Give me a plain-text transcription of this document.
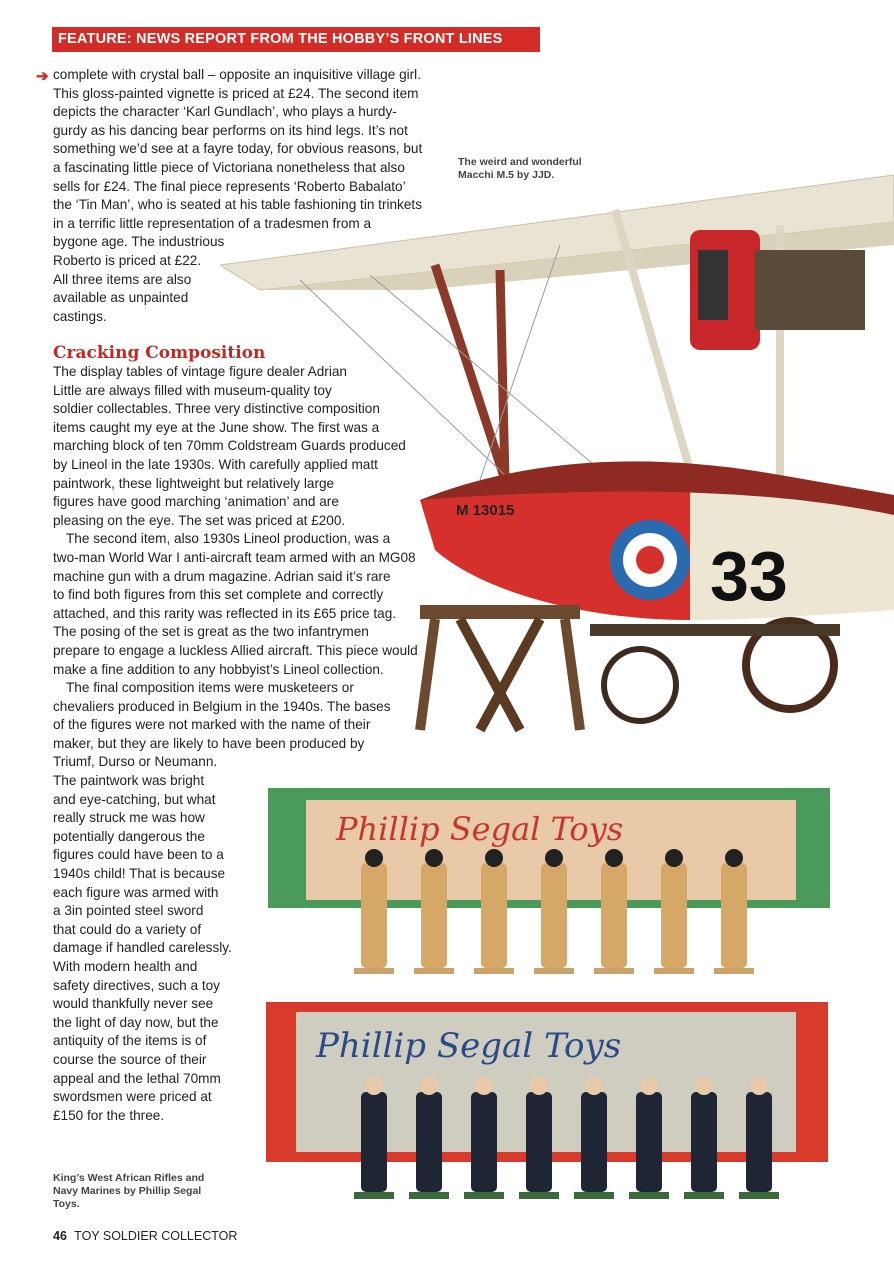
FEATURE: NEWS REPORT FROM THE HOBBY’S FRONT LINES
M 13015
33
The weird and wonderful Macchi M.5 by JJD.
Phillip Segal Toys
Phillip Segal Toys
King’s West African Rifles and Navy Marines by Phillip Segal Toys.
➔ complete with crystal ball – opposite an inquisitive village girl.

This gloss-painted vignette is priced at £24. The second item

depicts the character ‘Karl Gundlach’, who plays a hurdy-

gurdy as his dancing bear performs on its hind legs. It’s not

something we’d see at a fayre today, for obvious reasons, but

a fascinating little piece of Victoriana nonetheless that also

sells for £24. The final piece represents ‘Roberto Babalato’

the ‘Tin Man’, who is seated at his table fashioning tin trinkets

in a terrific little representation of a tradesmen from a

bygone age. The industrious

Roberto is priced at £22.

All three items are also

available as unpainted

castings.

Cracking Composition

The display tables of vintage figure dealer Adrian

Little are always filled with museum-quality toy

soldier collectables. Three very distinctive composition

items caught my eye at the June show. The first was a

marching block of ten 70mm Coldstream Guards produced

by Lineol in the late 1930s. With carefully applied matt

paintwork, these lightweight but relatively large

figures have good marching ‘animation’ and are

pleasing on the eye. The set was priced at £200.

The second item, also 1930s Lineol production, was a

two-man World War I anti-aircraft team armed with an MG08

machine gun with a drum magazine. Adrian said it’s rare

to find both figures from this set complete and correctly

attached, and this rarity was reflected in its £65 price tag.

The posing of the set is great as the two infantrymen

prepare to engage a luckless Allied aircraft. This piece would

make a fine addition to any hobbyist’s Lineol collection.

The final composition items were musketeers or

chevaliers produced in Belgium in the 1940s. The bases

of the figures were not marked with the name of their

maker, but they are likely to have been produced by

Triumf, Durso or Neumann.

The paintwork was bright

and eye-catching, but what

really struck me was how

potentially dangerous the

figures could have been to a

1940s child! That is because

each figure was armed with

a 3in pointed steel sword

that could do a variety of

damage if handled carelessly.

With modern health and

safety directives, such a toy

would thankfully never see

the light of day now, but the

antiquity of the items is of

course the source of their

appeal and the lethal 70mm

swordsmen were priced at

£150 for the three.

46 TOY SOLDIER COLLECTOR
